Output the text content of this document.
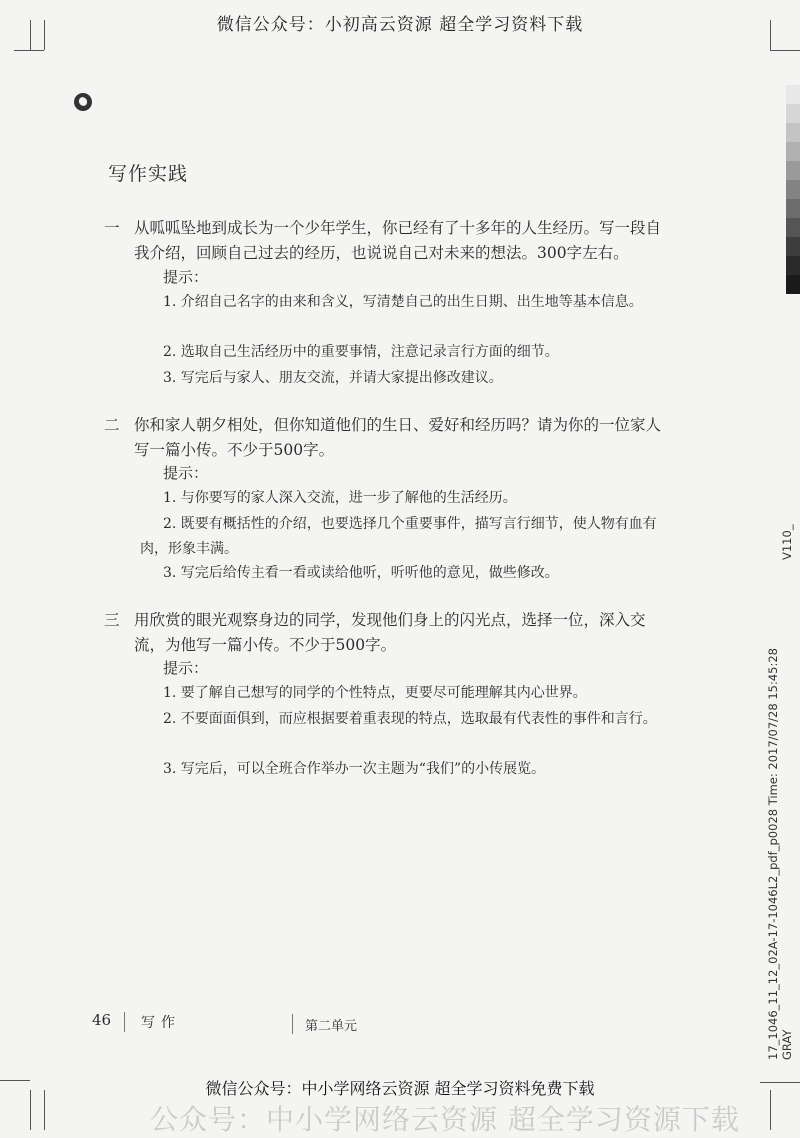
微信公众号：小初高云资源 超全学习资料下载
写作实践
一 从呱呱坠地到成长为一个少年学生，你已经有了十多年的人生经历。写一段自我介绍，回顾自己过去的经历，也说说自己对未来的想法。300字左右。
提示：
1. 介绍自己名字的由来和含义，写清楚自己的出生日期、出生地等基本信息。
2. 选取自己生活经历中的重要事情，注意记录言行方面的细节。
3. 写完后与家人、朋友交流，并请大家提出修改建议。
二 你和家人朝夕相处，但你知道他们的生日、爱好和经历吗？请为你的一位家人写一篇小传。不少于500字。
提示：
1. 与你要写的家人深入交流，进一步了解他的生活经历。
2. 既要有概括性的介绍，也要选择几个重要事件，描写言行细节，使人物有血有肉，形象丰满。
3. 写完后给传主看一看或读给他听，听听他的意见，做些修改。
三 用欣赏的眼光观察身边的同学，发现他们身上的闪光点，选择一位，深入交流，为他写一篇小传。不少于500字。
提示：
1. 要了解自己想写的同学的个性特点，更要尽可能理解其内心世界。
2. 不要面面俱到，而应根据要着重表现的特点，选取最有代表性的事件和言行。
3. 写完后，可以全班合作举办一次主题为“我们”的小传展览。
V110_
17_1046_11_12_02A-17-1046L2_pdf_p0028 Time: 2017/07/28 15:45:28 GRAY
46 写作	第二单元
微信公众号：中小学网络云资源 超全学习资料免费下载
公众号：中小学网络云资源 超全学习资源下载
